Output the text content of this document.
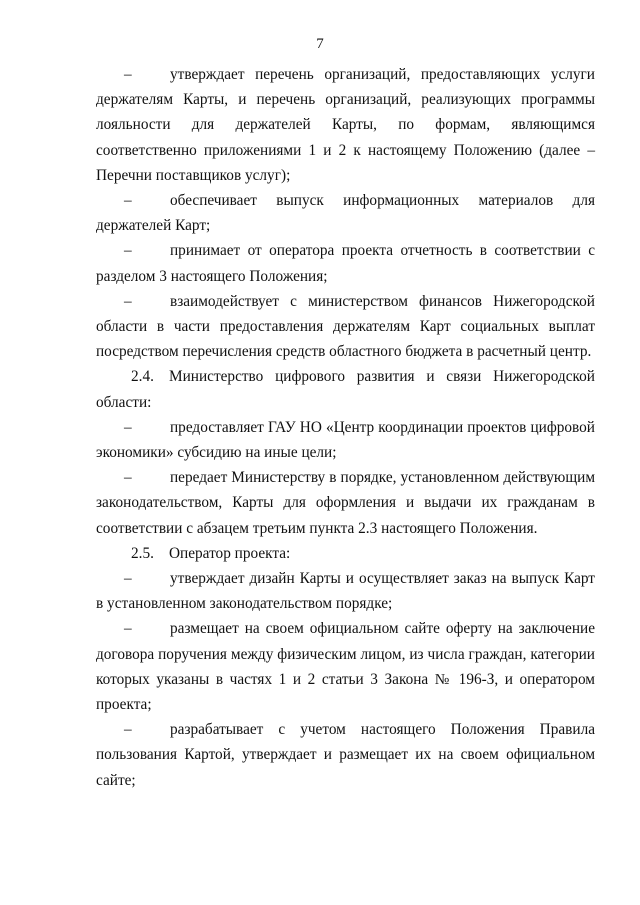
7

–	утверждает перечень организаций, предоставляющих услуги держателям Карты, и перечень организаций, реализующих программы лояльности для держателей Карты, по формам, являющимся соответственно приложениями 1 и 2 к настоящему Положению (далее – Перечни поставщиков услуг);

–	обеспечивает выпуск информационных материалов для держателей Карт;

–	принимает от оператора проекта отчетность в соответствии с разделом 3 настоящего Положения;

–	взаимодействует с министерством финансов Нижегородской области в части предоставления держателям Карт социальных выплат посредством перечисления средств областного бюджета в расчетный центр.

2.4. Министерство цифрового развития и связи Нижегородской области:

–	предоставляет ГАУ НО «Центр координации проектов цифровой экономики» субсидию на иные цели;

–	передает Министерству в порядке, установленном действующим законодательством, Карты для оформления и выдачи их гражданам в соответствии с абзацем третьим пункта 2.3 настоящего Положения.

2.5. Оператор проекта:

–	утверждает дизайн Карты и осуществляет заказ на выпуск Карт в установленном законодательством порядке;

–	размещает на своем официальном сайте оферту на заключение договора поручения между физическим лицом, из числа граждан, категории которых указаны в частях 1 и 2 статьи 3 Закона № 196-З, и оператором проекта;

–	разрабатывает с учетом настоящего Положения Правила пользования Картой, утверждает и размещает их на своем официальном сайте;
